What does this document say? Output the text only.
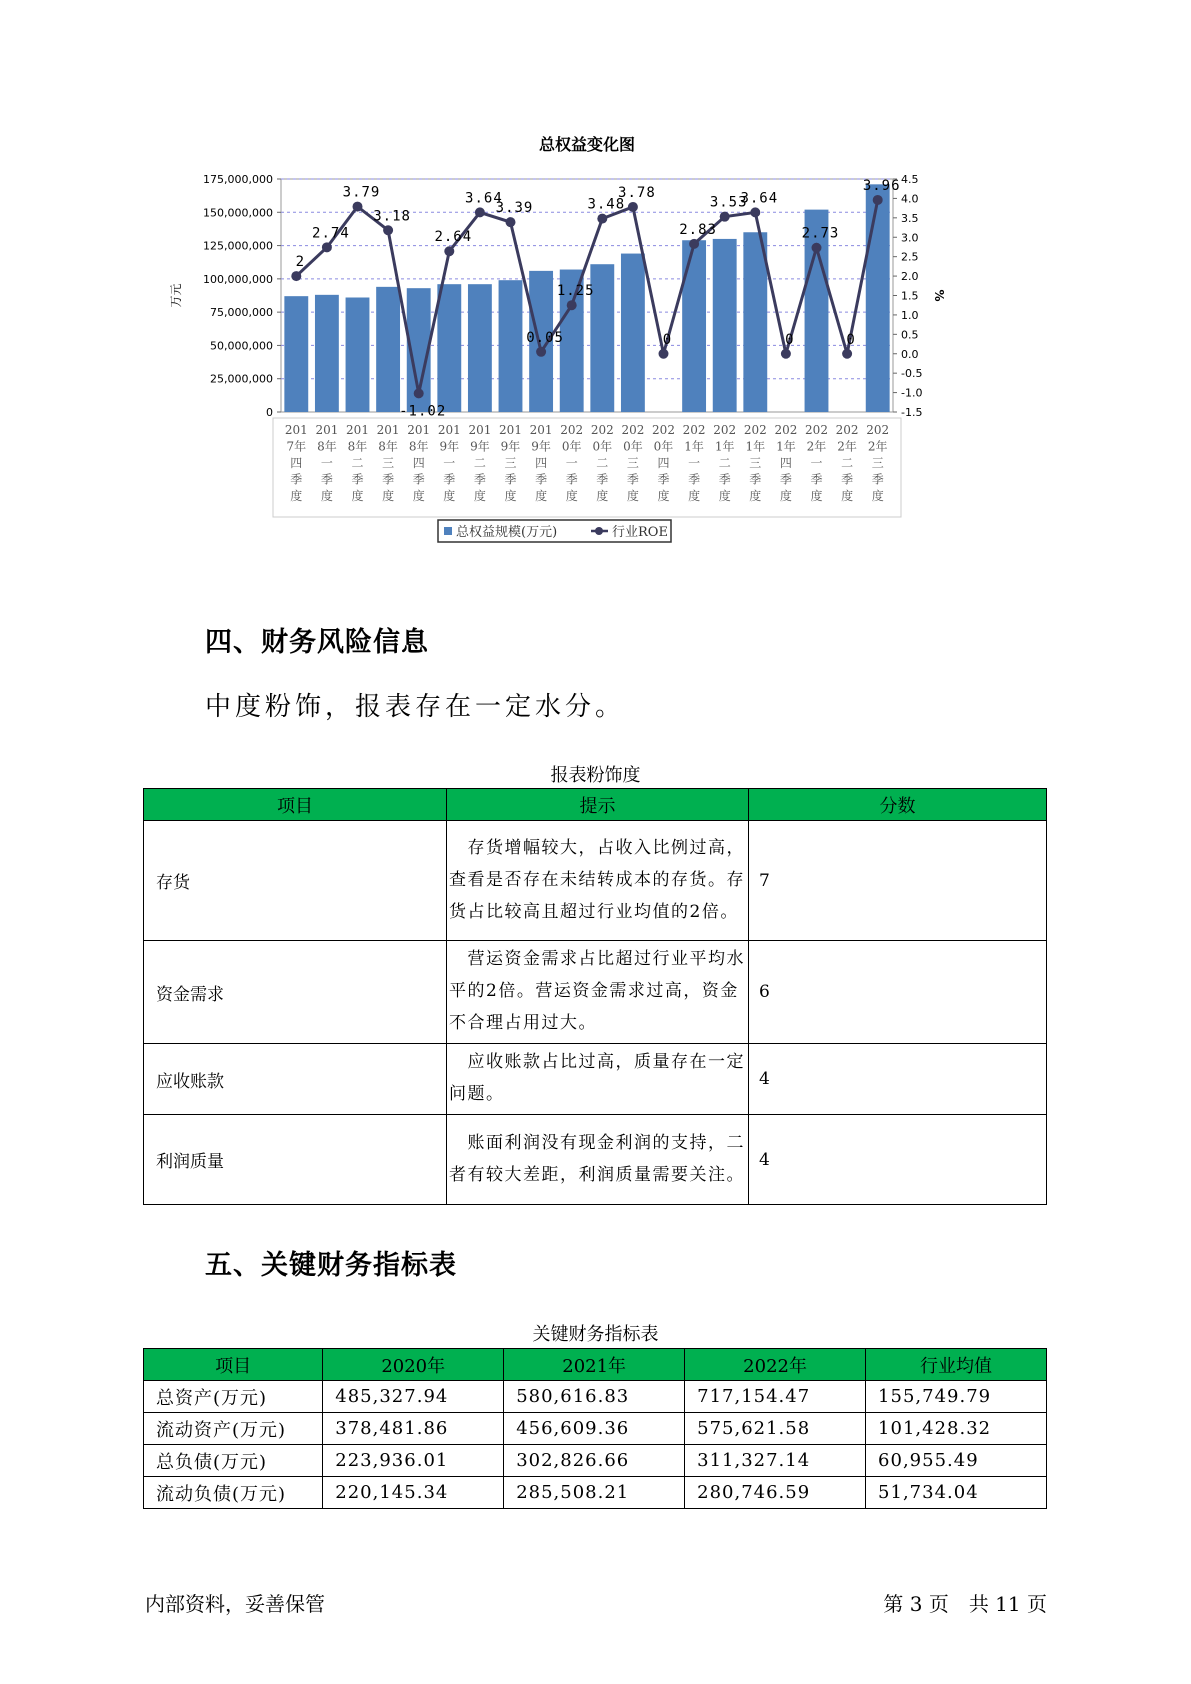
总权益变化图
0
25,000,000
50,000,000
75,000,000
100,000,000
125,000,000
150,000,000
175,000,000
-1.5
-1.0
-0.5
0.0
0.5
1.0
1.5
2.0
2.5
3.0
3.5
4.0
4.5
万元	%
201
7年
四
季
度
201
8年
一
季
度
201
8年
二
季
度
201
8年
三
季
度
201
8年
四
季
度
201
9年
一
季
度
201
9年
二
季
度
201
9年
三
季
度
201
9年
四
季
度
202
0年
一
季
度
202
0年
二
季
度
202
0年
三
季
度
202
0年
四
季
度
202
1年
一
季
度
202
1年
二
季
度
202
1年
三
季
度
202
1年
四
季
度
202
2年
一
季
度
202
2年
二
季
度
202
2年
三
季
度
2
2.74
3.79
3.18
-1.02
2.64
3.64
3.39
0.05
1.25
3.48
3.78
0
2.83
3.53
3.64
0
2.73
0
3.96
总权益规模(万元)	行业ROE
四、财务风险信息

中度粉饰，报表存在一定水分。

报表粉饰度
项目	提示	分数
存货	　存货增幅较大，占收入比例过高，查看是否存在未结转成本的存货。存货占比较高且超过行业均值的2倍。	7
资金需求	　营运资金需求占比超过行业平均水平的2倍。营运资金需求过高，资金不合理占用过大。	6
应收账款	　应收账款占比过高，质量存在一定问题。	4
利润质量	　账面利润没有现金利润的支持，二者有较大差距，利润质量需要关注。	4
五、关键财务指标表
关键财务指标表
项目	2020年	2021年	2022年	行业均值
总资产(万元)	485,327.94	580,616.83	717,154.47	155,749.79
流动资产(万元)	378,481.86	456,609.36	575,621.58	101,428.32
总负债(万元)	223,936.01	302,826.66	311,327.14	60,955.49
流动负债(万元)	220,145.34	285,508.21	280,746.59	51,734.04
内部资料，妥善保管	第 3 页　共 11 页
